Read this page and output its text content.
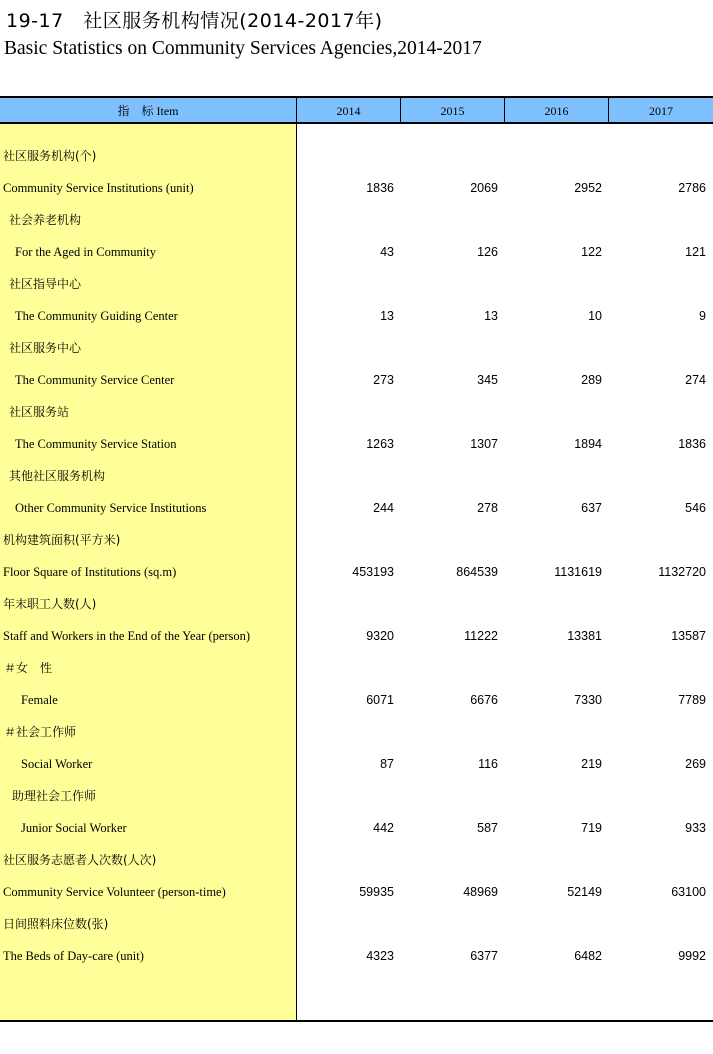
19-17　社区服务机构情况(2014-2017年)
Basic Statistics on Community Services Agencies,2014-2017
指　标 Item	2014	2015	2016	2017
社区服务机构(个)
Community Service Institutions (unit)	1836	2069	2952	2786
社会养老机构
For the Aged in Community	43	126	122	121
社区指导中心
The Community Guiding Center	13	13	10	9
社区服务中心
The Community Service Center	273	345	289	274
社区服务站
The Community Service Station	1263	1307	1894	1836
其他社区服务机构
Other Community Service Institutions	244	278	637	546
机构建筑面积(平方米)
Floor Square of Institutions (sq.m)	453193	864539	1131619	1132720
年末职工人数(人)
Staff and Workers in the End of the Year (person)	9320	11222	13381	13587
＃女　性
Female	6071	6676	7330	7789
＃社会工作师
Social Worker	87	116	219	269
助理社会工作师
Junior Social Worker	442	587	719	933
社区服务志愿者人次数(人次)
Community Service Volunteer (person-time)	59935	48969	52149	63100
日间照料床位数(张)
The Beds of Day-care (unit)	4323	6377	6482	9992
